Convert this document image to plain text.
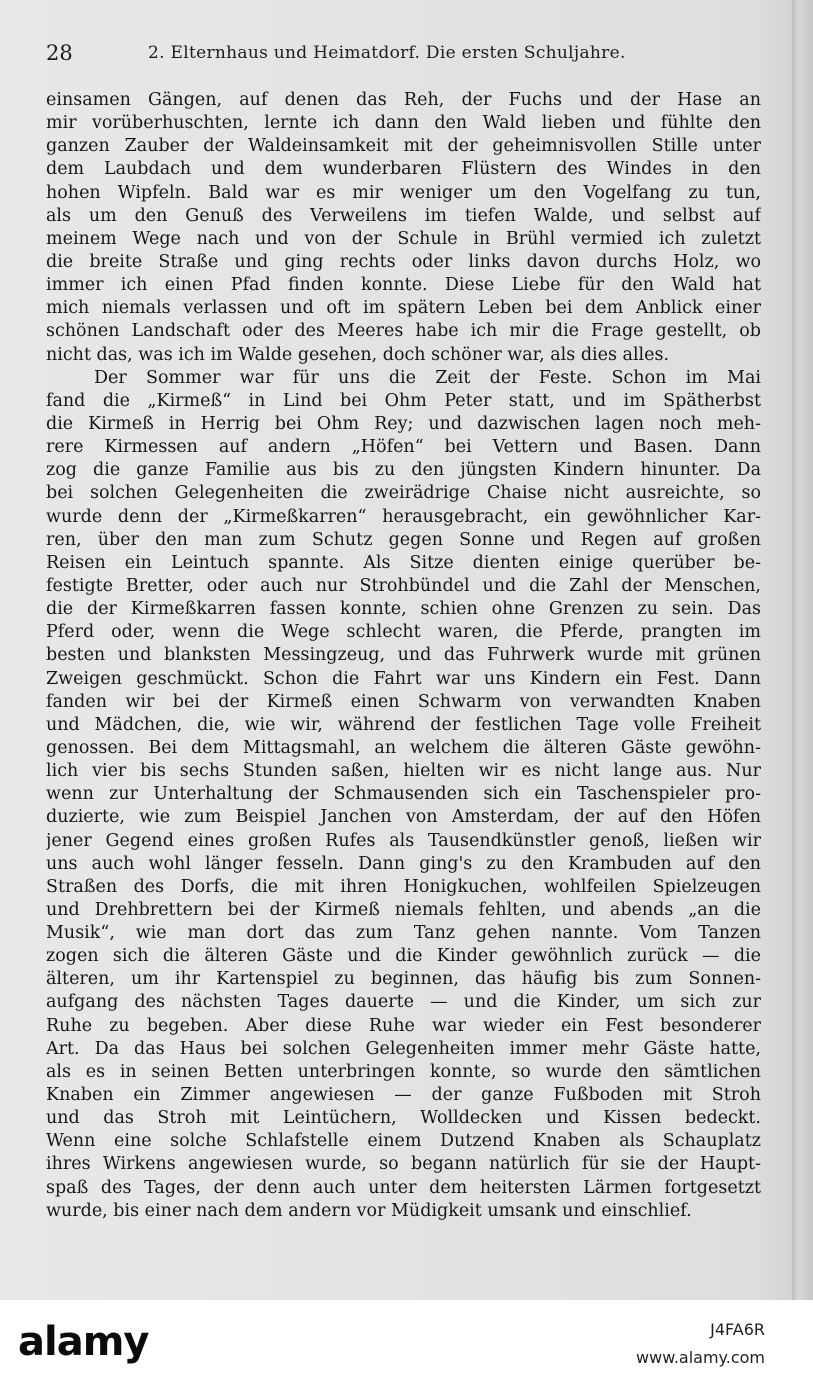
28	2. Elternhaus und Heimatdorf. Die ersten Schuljahre.
einsamen Gängen, auf denen das Reh, der Fuchs und der Hase an
mir vorüberhuschten, lernte ich dann den Wald lieben und fühlte den
ganzen Zauber der Waldeinsamkeit mit der geheimnisvollen Stille unter
dem Laubdach und dem wunderbaren Flüstern des Windes in den
hohen Wipfeln. Bald war es mir weniger um den Vogelfang zu tun,
als um den Genuß des Verweilens im tiefen Walde, und selbst auf
meinem Wege nach und von der Schule in Brühl vermied ich zuletzt
die breite Straße und ging rechts oder links davon durchs Holz, wo
immer ich einen Pfad finden konnte. Diese Liebe für den Wald hat
mich niemals verlassen und oft im spätern Leben bei dem Anblick einer
schönen Landschaft oder des Meeres habe ich mir die Frage gestellt, ob
nicht das, was ich im Walde gesehen, doch schöner war, als dies alles.
Der Sommer war für uns die Zeit der Feste. Schon im Mai
fand die „Kirmeß“ in Lind bei Ohm Peter statt, und im Spätherbst
die Kirmeß in Herrig bei Ohm Rey; und dazwischen lagen noch meh-
rere Kirmessen auf andern „Höfen“ bei Vettern und Basen. Dann
zog die ganze Familie aus bis zu den jüngsten Kindern hinunter. Da
bei solchen Gelegenheiten die zweirädrige Chaise nicht ausreichte, so
wurde denn der „Kirmeßkarren“ herausgebracht, ein gewöhnlicher Kar-
ren, über den man zum Schutz gegen Sonne und Regen auf großen
Reisen ein Leintuch spannte. Als Sitze dienten einige querüber be-
festigte Bretter, oder auch nur Strohbündel und die Zahl der Menschen,
die der Kirmeßkarren fassen konnte, schien ohne Grenzen zu sein. Das
Pferd oder, wenn die Wege schlecht waren, die Pferde, prangten im
besten und blanksten Messingzeug, und das Fuhrwerk wurde mit grünen
Zweigen geschmückt. Schon die Fahrt war uns Kindern ein Fest. Dann
fanden wir bei der Kirmeß einen Schwarm von verwandten Knaben
und Mädchen, die, wie wir, während der festlichen Tage volle Freiheit
genossen. Bei dem Mittagsmahl, an welchem die älteren Gäste gewöhn-
lich vier bis sechs Stunden saßen, hielten wir es nicht lange aus. Nur
wenn zur Unterhaltung der Schmausenden sich ein Taschenspieler pro-
duzierte, wie zum Beispiel Janchen von Amsterdam, der auf den Höfen
jener Gegend eines großen Rufes als Tausendkünstler genoß, ließen wir
uns auch wohl länger fesseln. Dann ging's zu den Krambuden auf den
Straßen des Dorfs, die mit ihren Honigkuchen, wohlfeilen Spielzeugen
und Drehbrettern bei der Kirmeß niemals fehlten, und abends „an die
Musik“, wie man dort das zum Tanz gehen nannte. Vom Tanzen
zogen sich die älteren Gäste und die Kinder gewöhnlich zurück — die
älteren, um ihr Kartenspiel zu beginnen, das häufig bis zum Sonnen-
aufgang des nächsten Tages dauerte — und die Kinder, um sich zur
Ruhe zu begeben. Aber diese Ruhe war wieder ein Fest besonderer
Art. Da das Haus bei solchen Gelegenheiten immer mehr Gäste hatte,
als es in seinen Betten unterbringen konnte, so wurde den sämtlichen
Knaben ein Zimmer angewiesen — der ganze Fußboden mit Stroh
und das Stroh mit Leintüchern, Wolldecken und Kissen bedeckt.
Wenn eine solche Schlafstelle einem Dutzend Knaben als Schauplatz
ihres Wirkens angewiesen wurde, so begann natürlich für sie der Haupt-
spaß des Tages, der denn auch unter dem heitersten Lärmen fortgesetzt
wurde, bis einer nach dem andern vor Müdigkeit umsank und einschlief.
alamy	J4FA6R
www.alamy.com
